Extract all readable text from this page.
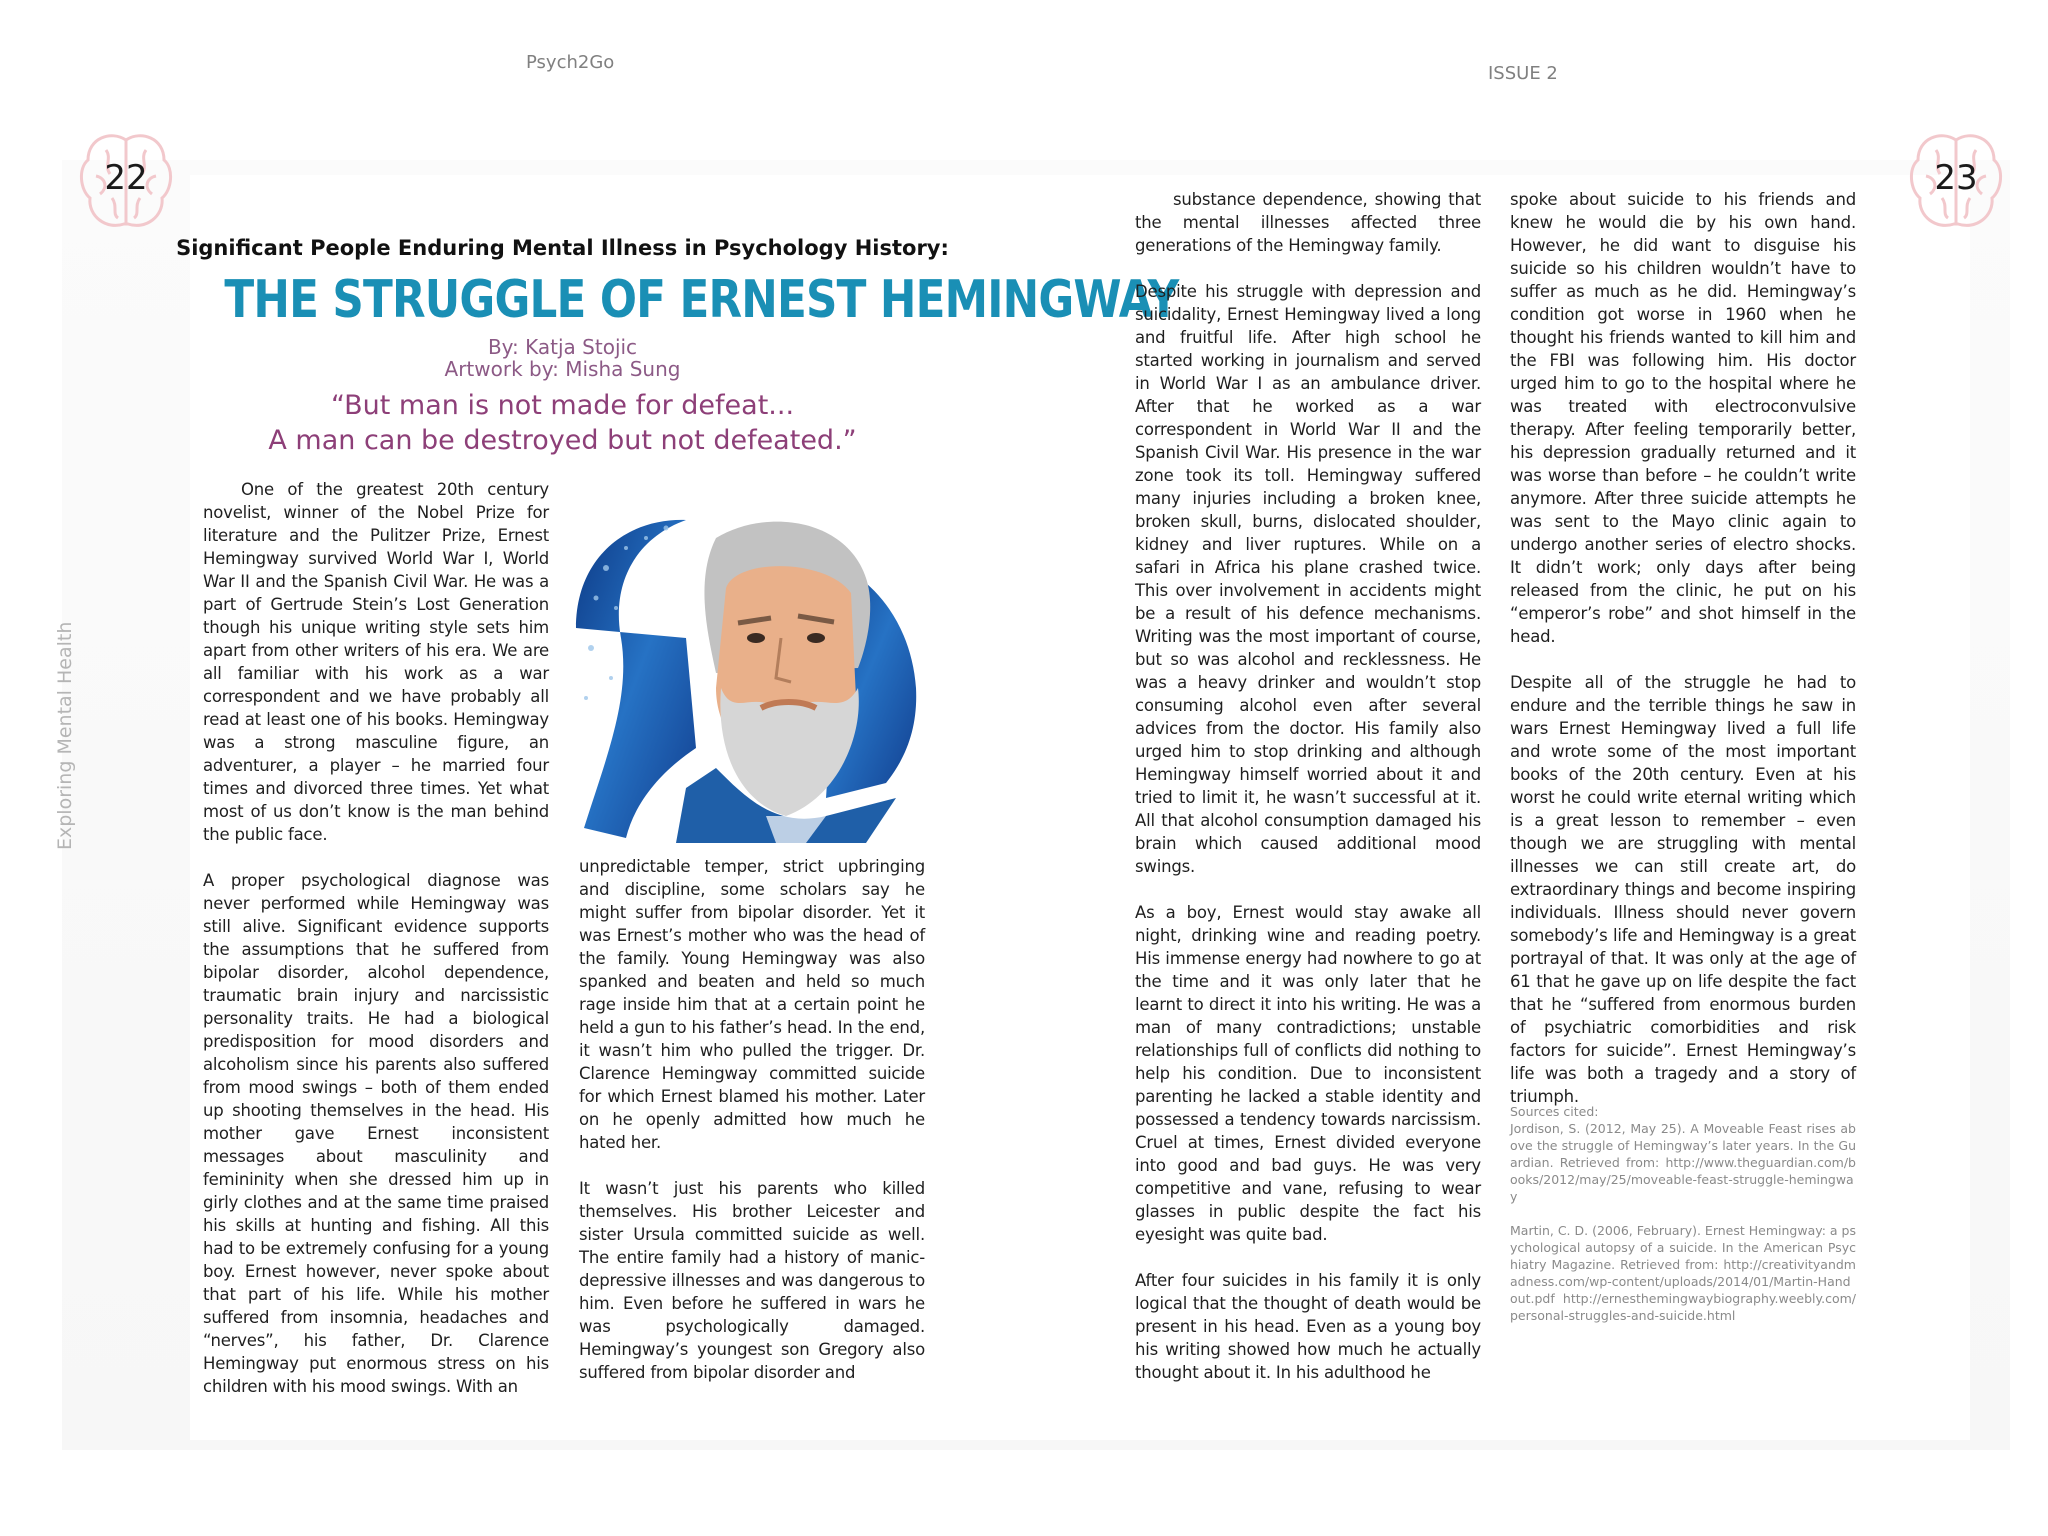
Psych2Go
ISSUE 2
22	23
Exploring Mental Health
Significant People Enduring Mental Illness in Psychology History:
THE STRUGGLE OF ERNEST HEMINGWAY
By: Katja Stojic
Artwork by: Misha Sung
“But man is not made for defeat...
A man can be destroyed but not defeated.”

One of the greatest 20th century novelist, winner of the Nobel Prize for literature and the Pulitzer Prize, Ernest Hemingway survived World War I, World War II and the Spanish Civil War. He was a part of Gertrude Stein’s Lost Generation though his unique writing style sets him apart from other writers of his era. We are all familiar with his work as a war correspondent and we have probably all read at least one of his books. Hemingway was a strong masculine figure, an adventurer, a player – he married four times and divorced three times. Yet what most of us don’t know is the man behind the public face.

A proper psychological diagnose was never performed while Hemingway was still alive. Significant evidence supports the assumptions that he suffered from bipolar disorder, alcohol dependence, traumatic brain injury and narcissistic personality traits. He had a biological predisposition for mood disorders and alcoholism since his parents also suffered from mood swings – both of them ended up shooting themselves in the head. His mother gave Ernest inconsistent messages about masculinity and femininity when she dressed him up in girly clothes and at the same time praised his skills at hunting and fishing. All this had to be extremely confusing for a young boy. Ernest however, never spoke about that part of his life. While his mother suffered from insomnia, headaches and “nerves”, his father, Dr. Clarence Hemingway put enormous stress on his children with his mood swings. With an

unpredictable temper, strict upbringing and discipline, some scholars say he might suffer from bipolar disorder. Yet it was Ernest’s mother who was the head of the family. Young Hemingway was also spanked and beaten and held so much rage inside him that at a certain point he held a gun to his father’s head. In the end, it wasn’t him who pulled the trigger. Dr. Clarence Hemingway committed suicide for which Ernest blamed his mother. Later on he openly admitted how much he hated her.

It wasn’t just his parents who killed themselves. His brother Leicester and sister Ursula committed suicide as well. The entire family had a history of manic-depressive illnesses and was dangerous to him. Even before he suffered in wars he was psychologically damaged. Hemingway’s youngest son Gregory also suffered from bipolar disorder and

substance dependence, showing that the mental illnesses affected three generations of the Hemingway family.

Despite his struggle with depression and suicidality, Ernest Hemingway lived a long and fruitful life. After high school he started working in journalism and served in World War I as an ambulance driver. After that he worked as a war correspondent in World War II and the Spanish Civil War. His presence in the war zone took its toll. Hemingway suffered many injuries including a broken knee, broken skull, burns, dislocated shoulder, kidney and liver ruptures. While on a safari in Africa his plane crashed twice. This over involvement in accidents might be a result of his defence mechanisms. Writing was the most important of course, but so was alcohol and recklessness. He was a heavy drinker and wouldn’t stop consuming alcohol even after several advices from the doctor. His family also urged him to stop drinking and although Hemingway himself worried about it and tried to limit it, he wasn’t successful at it. All that alcohol consumption damaged his brain which caused additional mood swings.

As a boy, Ernest would stay awake all night, drinking wine and reading poetry. His immense energy had nowhere to go at the time and it was only later that he learnt to direct it into his writing. He was a man of many contradictions; unstable relationships full of conflicts did nothing to help his condition. Due to inconsistent parenting he lacked a stable identity and possessed a tendency towards narcissism. Cruel at times, Ernest divided everyone into good and bad guys. He was very competitive and vane, refusing to wear glasses in public despite the fact his eyesight was quite bad.

After four suicides in his family it is only logical that the thought of death would be present in his head. Even as a young boy his writing showed how much he actually thought about it. In his adulthood he

spoke about suicide to his friends and knew he would die by his own hand. However, he did want to disguise his suicide so his children wouldn’t have to suffer as much as he did. Hemingway’s condition got worse in 1960 when he thought his friends wanted to kill him and the FBI was following him. His doctor urged him to go to the hospital where he was treated with electroconvulsive therapy. After feeling temporarily better, his depression gradually returned and it was worse than before – he couldn’t write anymore. After three suicide attempts he was sent to the Mayo clinic again to undergo another series of electro shocks. It didn’t work; only days after being released from the clinic, he put on his “emperor’s robe” and shot himself in the head.

Despite all of the struggle he had to endure and the terrible things he saw in wars Ernest Hemingway lived a full life and wrote some of the most important books of the 20th century. Even at his worst he could write eternal writing which is a great lesson to remember – even though we are struggling with mental illnesses we can still create art, do extraordinary things and become inspiring individuals. Illness should never govern somebody’s life and Hemingway is a great portrayal of that. It was only at the age of 61 that he gave up on life despite the fact that he “suffered from enormous burden of psychiatric comorbidities and risk factors for suicide”. Ernest Hemingway’s life was both a tragedy and a story of triumph.

Sources cited:
Jordison, S. (2012, May 25). A Moveable Feast rises above the struggle of Hemingway’s later years. In the Guardian. Retrieved from: http://www.theguardian.com/books/2012/may/25/moveable-feast-struggle-hemingway
Martin, C. D. (2006, February). Ernest Hemingway: a psychological autopsy of a suicide. In the American Psychiatry Magazine. Retrieved from: http://creativityandmadness.com/wp-content/uploads/2014/01/Martin-Handout.pdf http://ernesthemingwaybiography.weebly.com/personal-struggles-and-suicide.html
